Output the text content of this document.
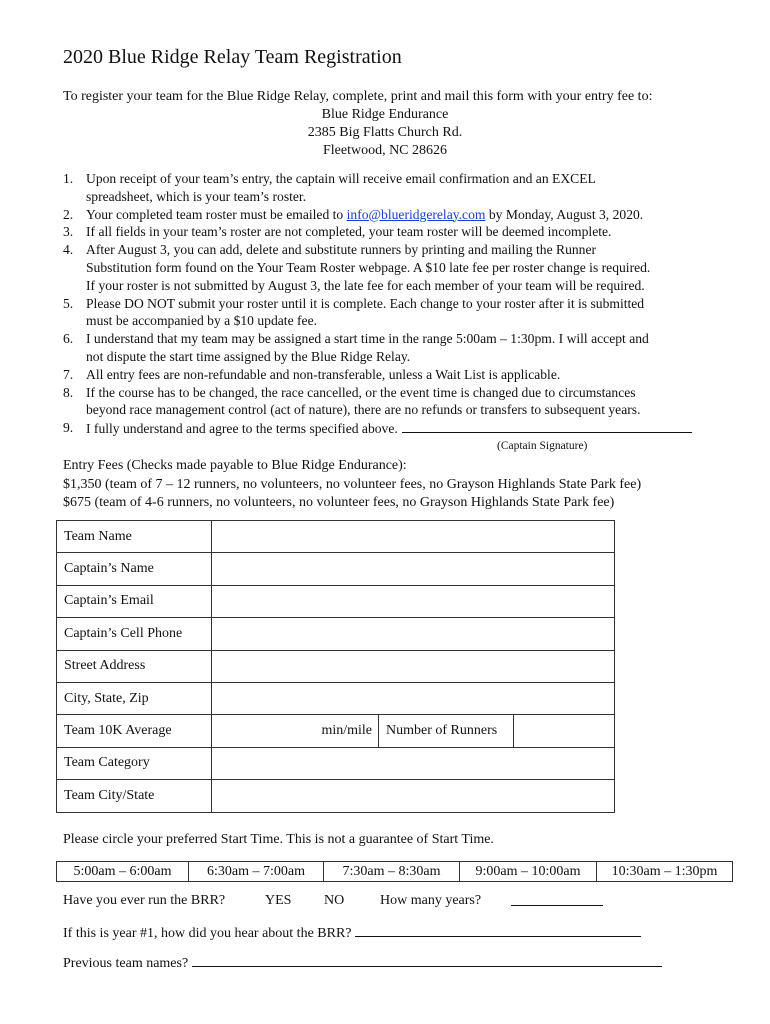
2020 Blue Ridge Relay Team Registration
To register your team for the Blue Ridge Relay, complete, print and mail this form with your entry fee to:
Blue Ridge Endurance
2385 Big Flatts Church Rd.
Fleetwood, NC 28626
1. Upon receipt of your team’s entry, the captain will receive email confirmation and an EXCEL
spreadsheet, which is your team’s roster.
2. Your completed team roster must be emailed to info@blueridgerelay.com by Monday, August 3, 2020.
3. If all fields in your team’s roster are not completed, your team roster will be deemed incomplete.
4. After August 3, you can add, delete and substitute runners by printing and mailing the Runner
Substitution form found on the Your Team Roster webpage. A $10 late fee per roster change is required.
If your roster is not submitted by August 3, the late fee for each member of your team will be required.
5. Please DO NOT submit your roster until it is complete. Each change to your roster after it is submitted
must be accompanied by a $10 update fee.
6. I understand that my team may be assigned a start time in the range 5:00am – 1:30pm. I will accept and
not dispute the start time assigned by the Blue Ridge Relay.
7. All entry fees are non-refundable and non-transferable, unless a Wait List is applicable.
8. If the course has to be changed, the race cancelled, or the event time is changed due to circumstances
beyond race management control (act of nature), there are no refunds or transfers to subsequent years.
9. I fully understand and agree to the terms specified above.
(Captain Signature)
Entry Fees (Checks made payable to Blue Ridge Endurance):
$1,350 (team of 7 – 12 runners, no volunteers, no volunteer fees, no Grayson Highlands State Park fee)
$675 (team of 4-6 runners, no volunteers, no volunteer fees, no Grayson Highlands State Park fee)
Team Name			
Captain’s Name			
Captain’s Email			
Captain’s Cell Phone			
Street Address			
City, State, Zip			
Team 10K Average	min/mile	Number of Runners	
Team Category			
Team City/State			
Please circle your preferred Start Time. This is not a guarantee of Start Time.
5:00am – 6:00am	6:30am – 7:00am	7:30am – 8:30am	9:00am – 10:00am	10:30am – 1:30pm
Have you ever run the BRR?	YES NO	How many years?
If this is year #1, how did you hear about the BRR?
Previous team names?
